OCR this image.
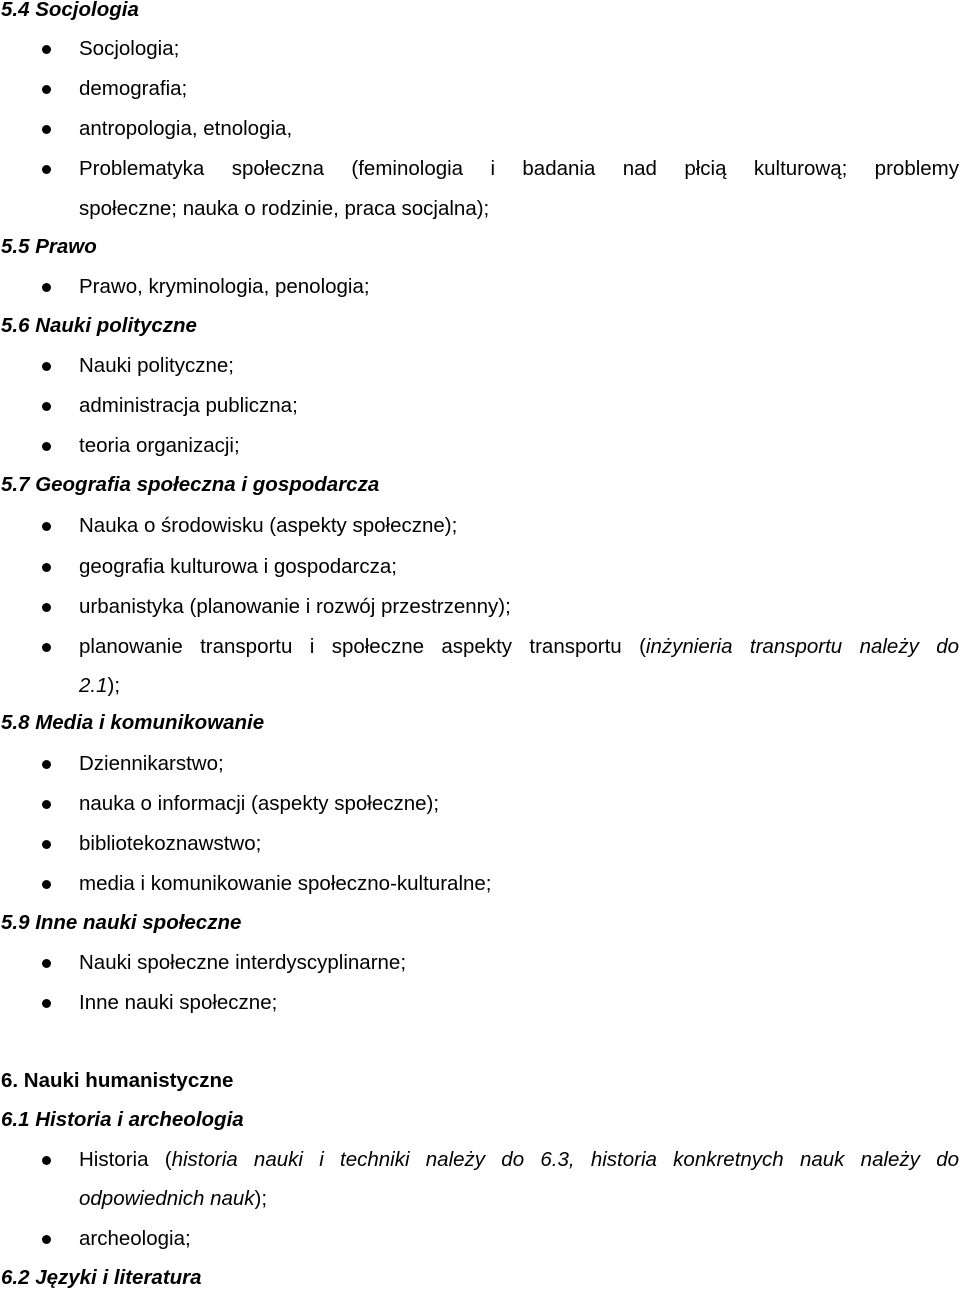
5.4 Socjologia
Socjologia;
demografia;
antropologia, etnologia,
Problematyka społeczna (feminologia i badania nad płcią kulturową; problemy
społeczne; nauka o rodzinie, praca socjalna);
5.5 Prawo
Prawo, kryminologia, penologia;
5.6 Nauki polityczne
Nauki polityczne;
administracja publiczna;
teoria organizacji;
5.7 Geografia społeczna i gospodarcza
Nauka o środowisku (aspekty społeczne);
geografia kulturowa i gospodarcza;
urbanistyka (planowanie i rozwój przestrzenny);
planowanie transportu i społeczne aspekty transportu (inżynieria transportu należy do
2.1);
5.8 Media i komunikowanie
Dziennikarstwo;
nauka o informacji (aspekty społeczne);
bibliotekoznawstwo;
media i komunikowanie społeczno-kulturalne;
5.9 Inne nauki społeczne
Nauki społeczne interdyscyplinarne;
Inne nauki społeczne;
6. Nauki humanistyczne
6.1 Historia i archeologia
Historia (historia nauki i techniki należy do 6.3, historia konkretnych nauk należy do
odpowiednich nauk);
archeologia;
6.2 Języki i literatura
